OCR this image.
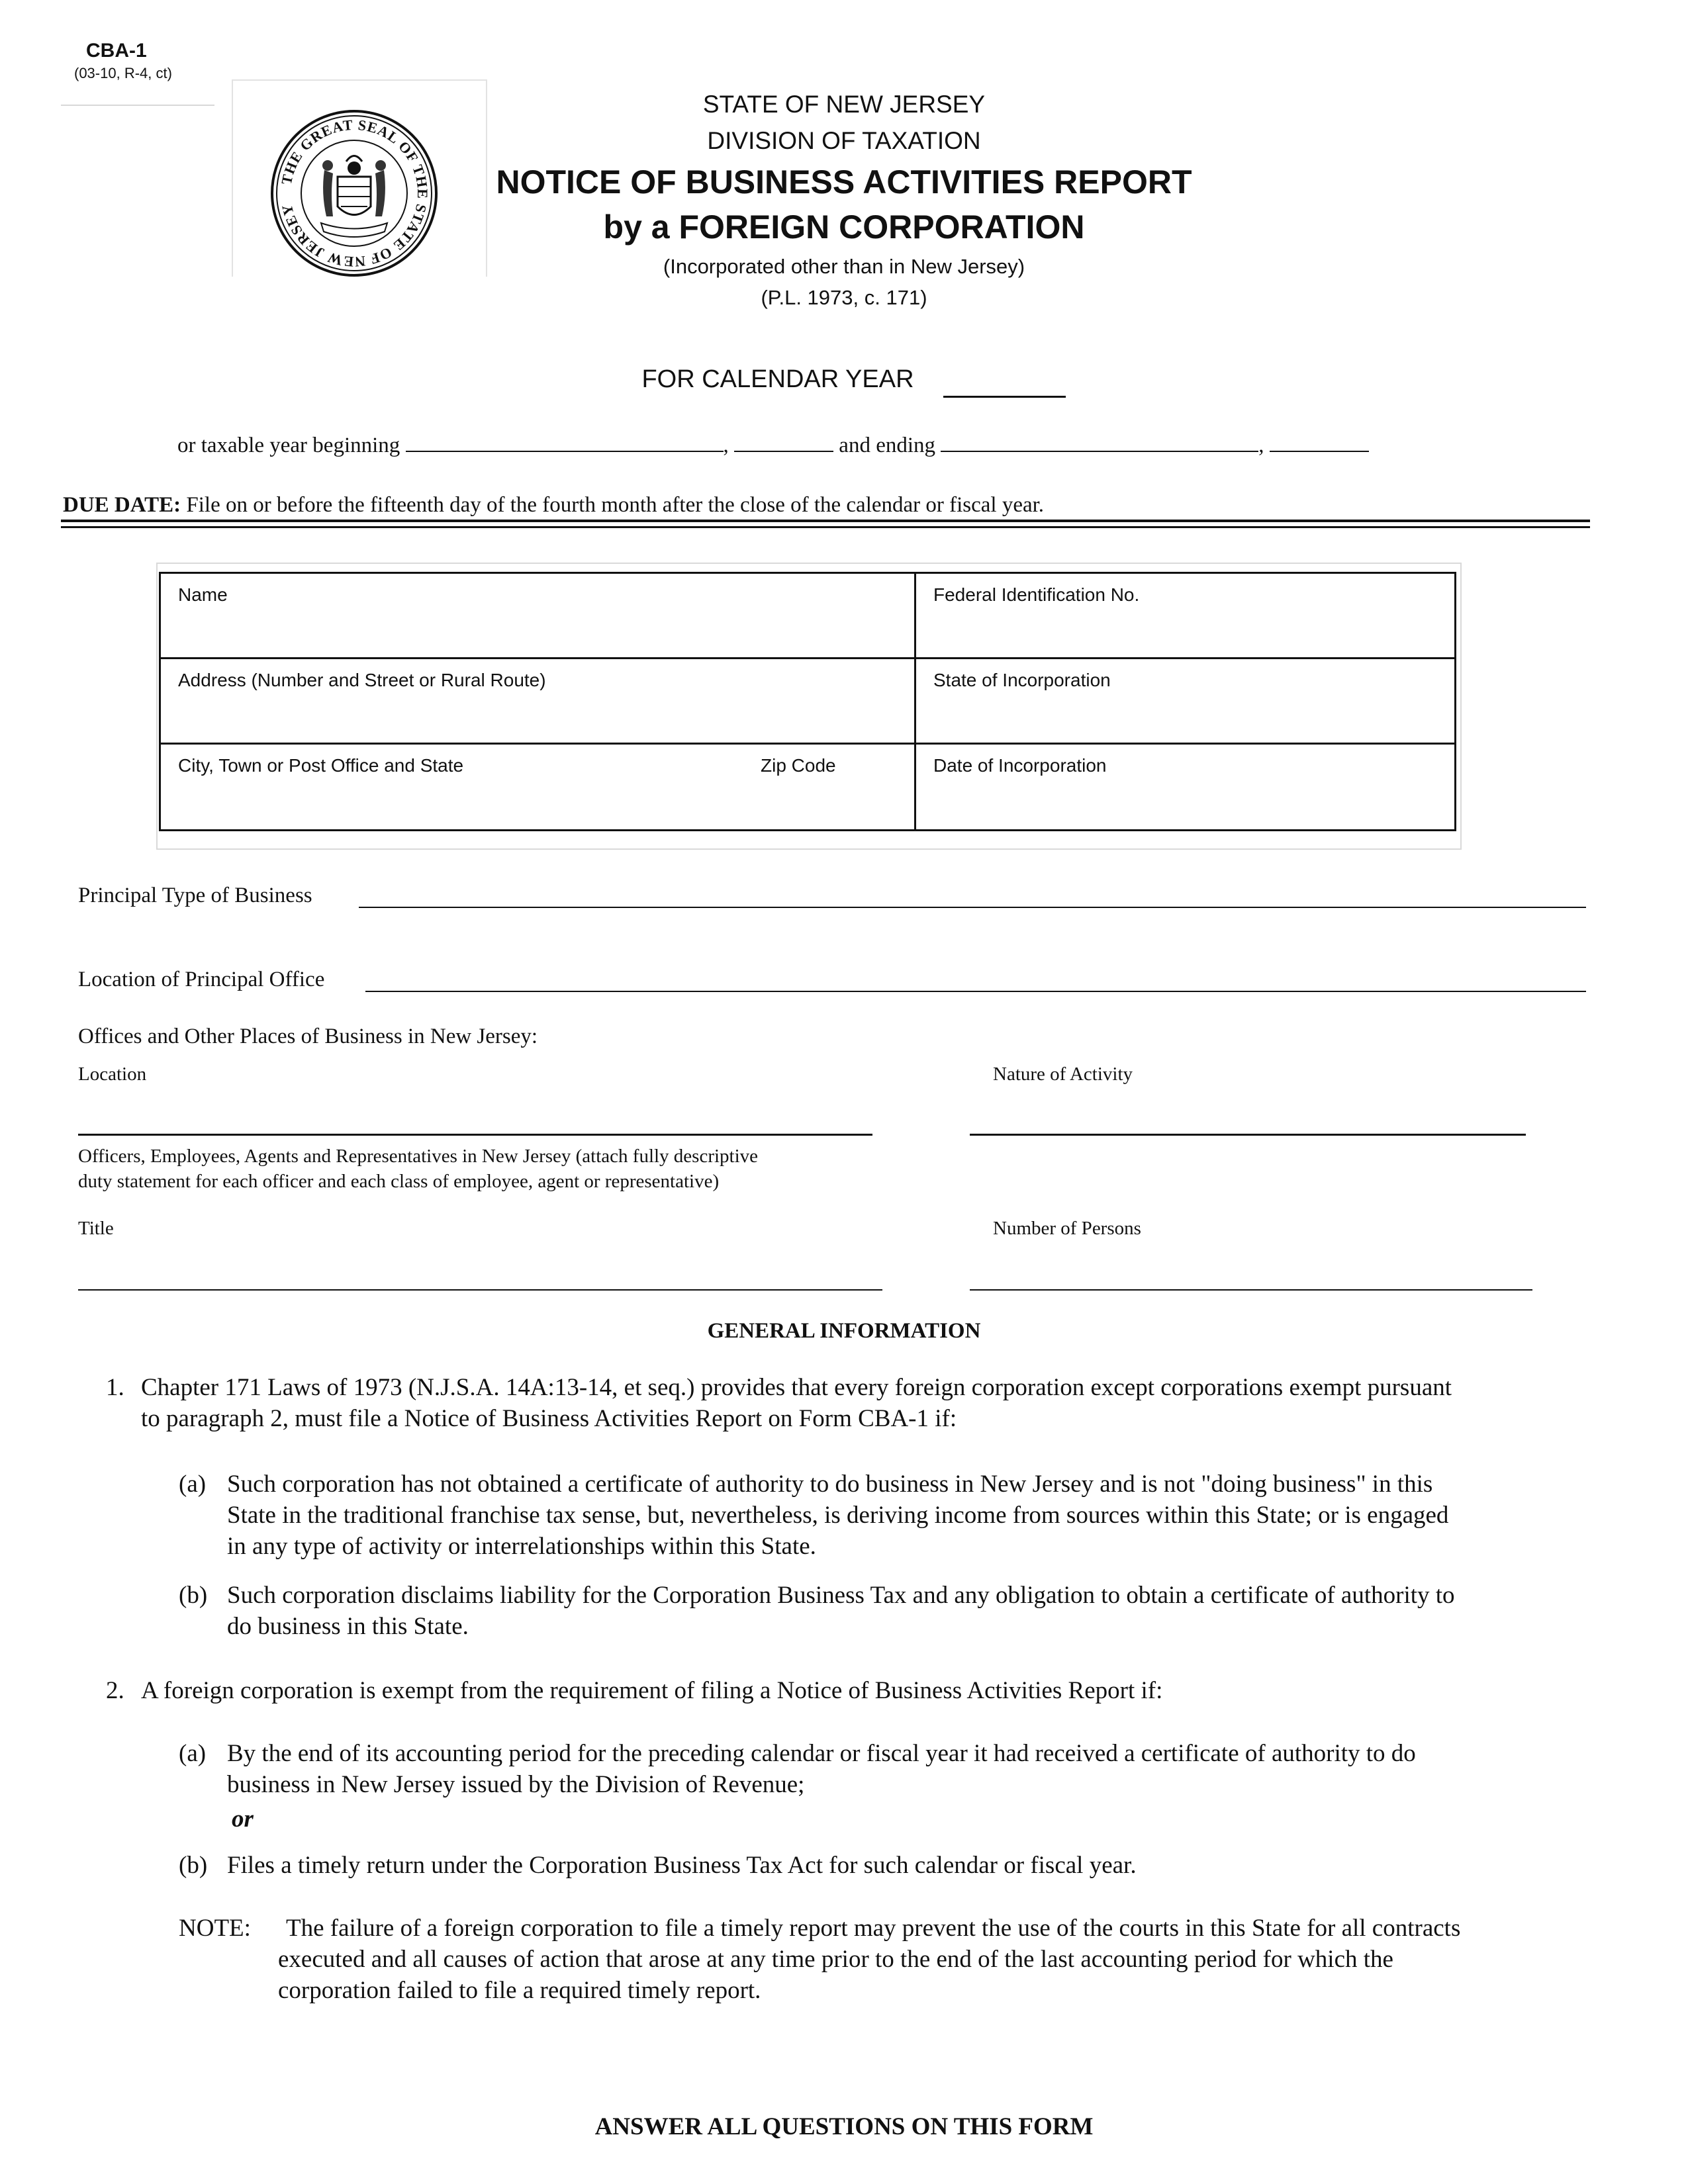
CBA-1
(03-10, R-4, ct)
THE GREAT SEAL OF THE STATE OF NEW JERSEY
STATE OF NEW JERSEY
DIVISION OF TAXATION
NOTICE OF BUSINESS ACTIVITIES REPORT
by a FOREIGN CORPORATION
(Incorporated other than in New Jersey)
(P.L. 1973, c. 171)
FOR CALENDAR YEAR
or taxable year beginning	,	and ending	,
DUE DATE: File on or before the fifteenth day of the fourth month after the close of the calendar or fiscal year.
Name	Federal Identification No.
Address (Number and Street or Rural Route)	State of Incorporation
City, Town or Post Office and State	Zip Code	Date of Incorporation
Principal Type of Business
Location of Principal Office
Offices and Other Places of Business in New Jersey:
Location	Nature of Activity
Officers, Employees, Agents and Representatives in New Jersey (attach fully descriptive
duty statement for each officer and each class of employee, agent or representative)
Title	Number of Persons
GENERAL INFORMATION
1. Chapter 171 Laws of 1973 (N.J.S.A. 14A:13-14, et seq.) provides that every foreign corporation except corporations exempt pursuant
to paragraph 2, must file a Notice of Business Activities Report on Form CBA-1 if:
(a) Such corporation has not obtained a certificate of authority to do business in New Jersey and is not "doing business" in this
State in the traditional franchise tax sense, but, nevertheless, is deriving income from sources within this State; or is engaged
in any type of activity or interrelationships within this State.
(b) Such corporation disclaims liability for the Corporation Business Tax and any obligation to obtain a certificate of authority to
do business in this State.
2. A foreign corporation is exempt from the requirement of filing a Notice of Business Activities Report if:
(a) By the end of its accounting period for the preceding calendar or fiscal year it had received a certificate of authority to do
business in New Jersey issued by the Division of Revenue;
or
(b) Files a timely return under the Corporation Business Tax Act for such calendar or fiscal year.
NOTE: The failure of a foreign corporation to file a timely report may prevent the use of the courts in this State for all contracts
executed and all causes of action that arose at any time prior to the end of the last accounting period for which the
corporation failed to file a required timely report.
ANSWER ALL QUESTIONS ON THIS FORM
